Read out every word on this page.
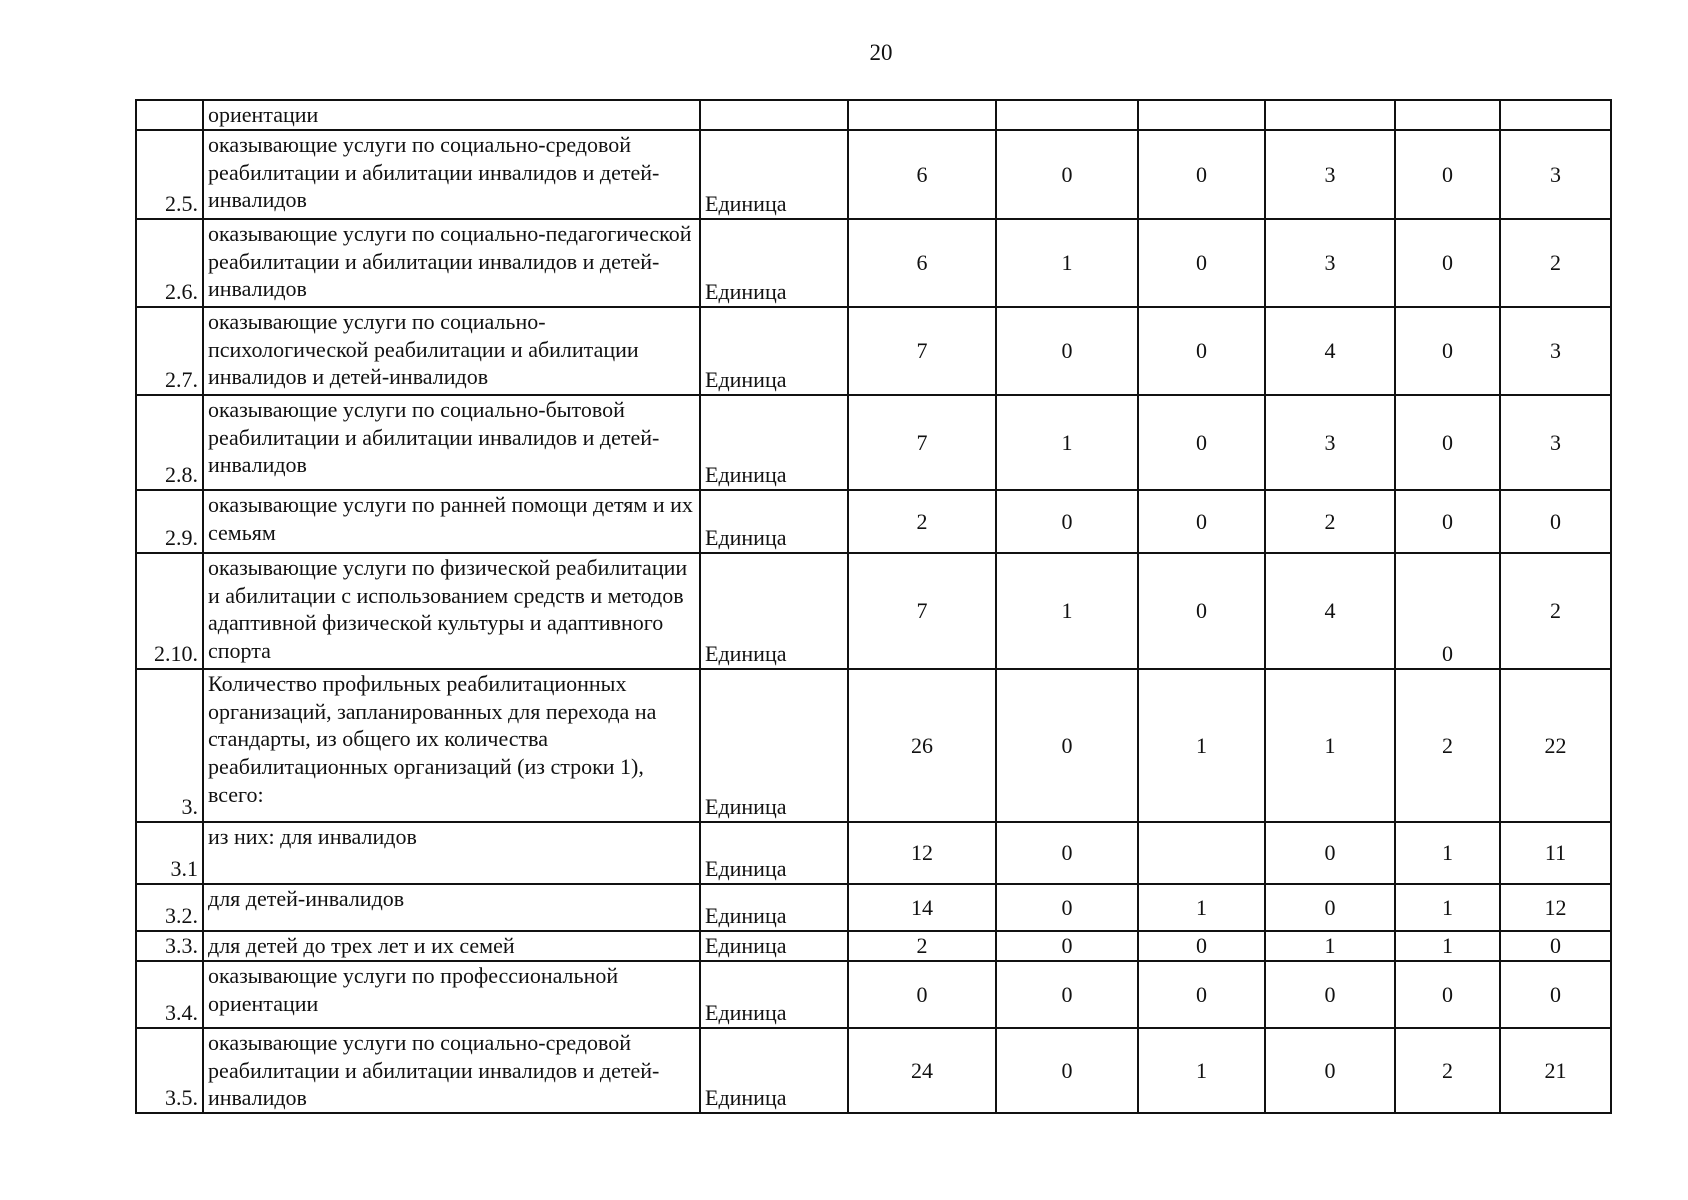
20
	ориентации							
2.5.	оказывающие услуги по социально-средовой реабилитации и абилитации инвалидов и детей-инвалидов	Единица	6	0	0	3	0	3
2.6.	оказывающие услуги по социально-педагогической реабилитации и абилитации инвалидов и детей-инвалидов	Единица	6	1	0	3	0	2
2.7.	оказывающие услуги по социально-психологической реабилитации и абилитации инвалидов и детей-инвалидов	Единица	7	0	0	4	0	3
2.8.	оказывающие услуги по социально-бытовой реабилитации и абилитации инвалидов и детей-инвалидов	Единица	7	1	0	3	0	3
2.9.	оказывающие услуги по ранней помощи детям и их семьям	Единица	2	0	0	2	0	0
2.10.	оказывающие услуги по физической реабилитации и абилитации с использованием средств и методов адаптивной физической культуры и адаптивного спорта	Единица	7	1	0	4	0	2
3.	Количество профильных реабилитационных организаций, запланированных для перехода на стандарты, из общего их количества реабилитационных организаций (из строки 1), всего:	Единица	26	0	1	1	2	22
3.1	из них: для инвалидов	Единица	12	0		0	1	11
3.2.	для детей-инвалидов	Единица	14	0	1	0	1	12
3.3.	для детей до трех лет и их семей	Единица	2	0	0	1	1	0
3.4.	оказывающие услуги по профессиональной ориентации	Единица	0	0	0	0	0	0
3.5.	оказывающие услуги по социально-средовой реабилитации и абилитации инвалидов и детей-инвалидов	Единица	24	0	1	0	2	21
